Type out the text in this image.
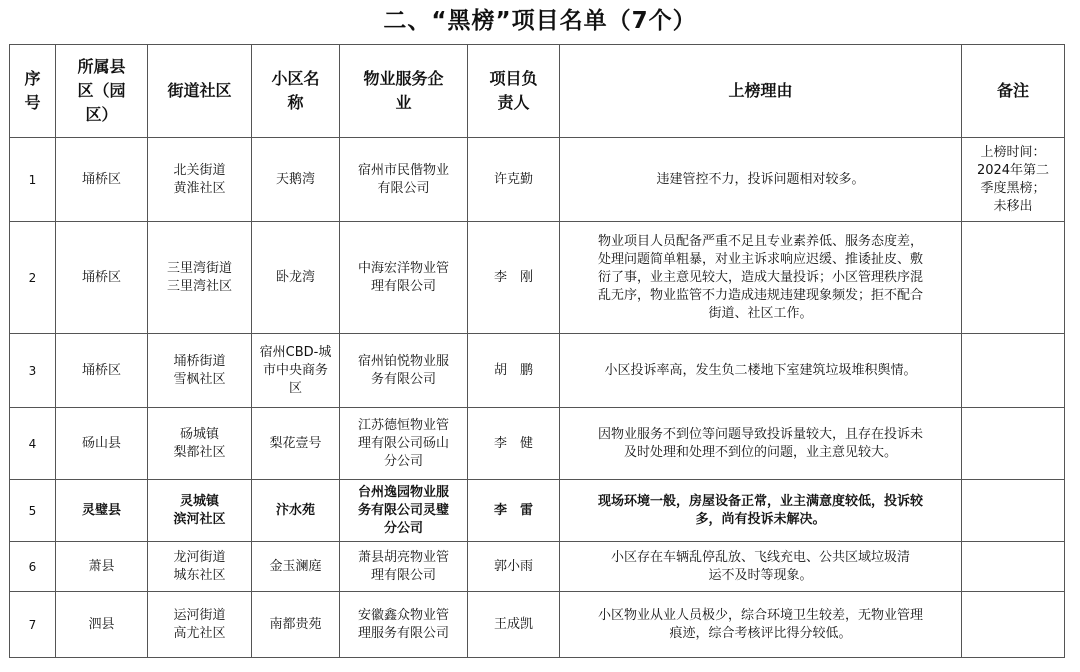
二、“黑榜”项目名单（7个）
序
号	所属县
区（园
区）	街道社区	小区名
称	物业服务企
业	项目负
责人	上榜理由	备注
1	埇桥区	北关街道
黄淮社区	天鹅湾	宿州市民偕物业
有限公司	许克勤	违建管控不力，投诉问题相对较多。	上榜时间：
2024年第二
季度黑榜；
未移出

2	埇桥区	三里湾街道
三里湾社区	卧龙湾	中海宏洋物业管
理有限公司	李　刚	物业项目人员配备严重不足且专业素养低、服务态度差，
处理问题简单粗暴，对业主诉求响应迟缓、推诿扯皮、敷
衍了事，业主意见较大，造成大量投诉；小区管理秩序混
乱无序，物业监管不力造成违规违建现象频发；拒不配合
街道、社区工作。	

3	埇桥区	埇桥街道
雪枫社区	宿州CBD-城
市中央商务
区	宿州铂悦物业服
务有限公司	胡　鹏	小区投诉率高，发生负二楼地下室建筑垃圾堆积舆情。	

4	砀山县	砀城镇
梨都社区	梨花壹号	江苏德恒物业管
理有限公司砀山
分公司	李　健	因物业服务不到位等问题导致投诉量较大，且存在投诉未
及时处理和处理不到位的问题，业主意见较大。	

5	灵璧县	灵城镇
滨河社区	汴水苑	台州逸园物业服
务有限公司灵璧
分公司	李　雷	现场环境一般，房屋设备正常，业主满意度较低，投诉较
多，尚有投诉未解决。	

6	萧县	龙河街道
城东社区	金玉澜庭	萧县胡亮物业管
理有限公司	郭小雨	小区存在车辆乱停乱放、飞线充电、公共区域垃圾清
运不及时等现象。	

7	泗县	运河街道
高尤社区	南都贵苑	安徽鑫众物业管
理服务有限公司	王成凯	小区物业从业人员极少，综合环境卫生较差，无物业管理
痕迹，综合考核评比得分较低。	
